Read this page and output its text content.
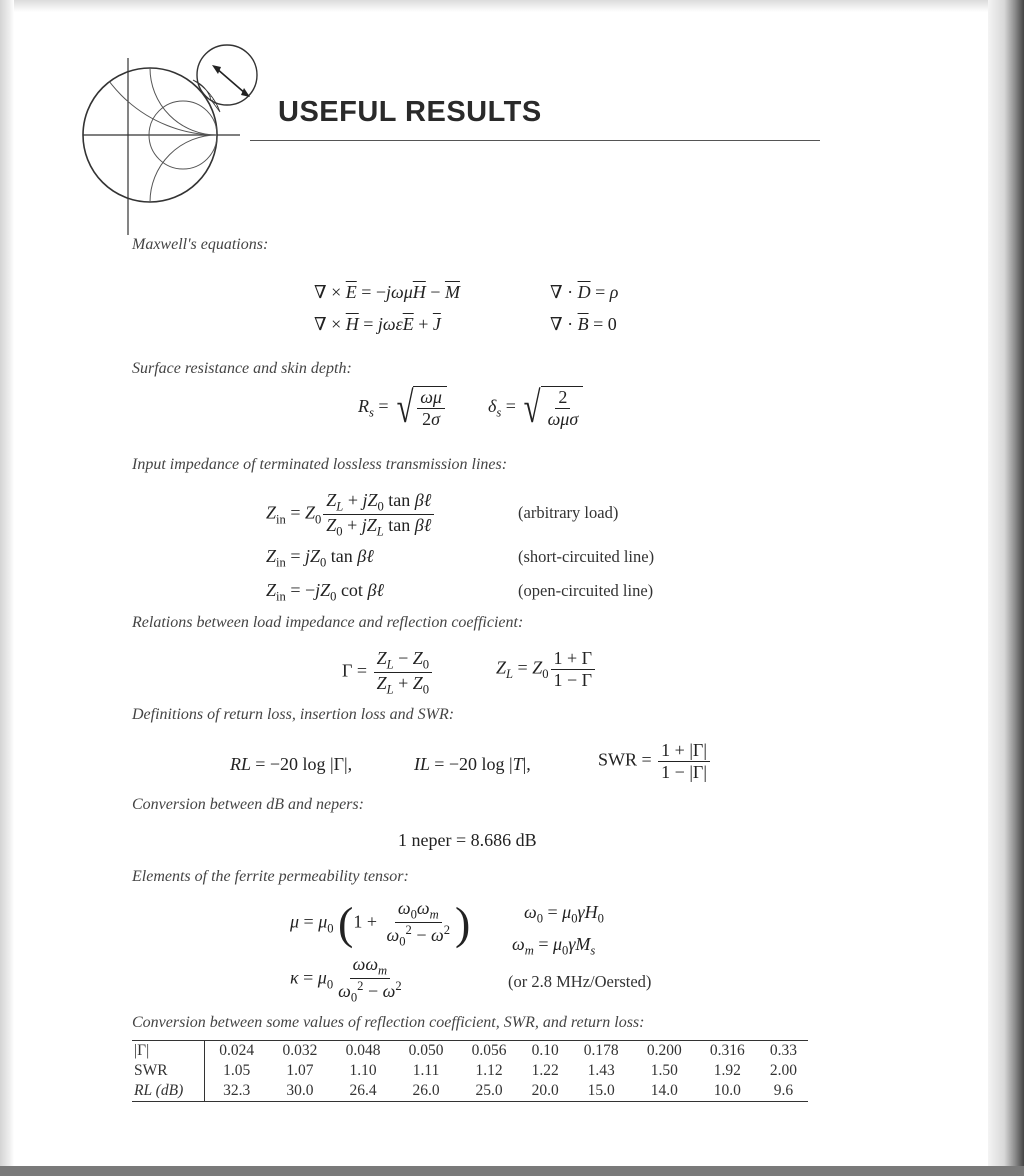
USEFUL RESULTS

Maxwell's equations:

∇ × $\overline{E} = -j\omega\mu\overline{H} - \overline{M}$	∇ · $\overline{D} = \rho$
∇ × $\overline{H} = j\omega\varepsilon\overline{E} + \overline{J}$	∇ · $\overline{B} = 0$

Surface resistance and skin depth:

$R_s$ = √ $\frac{\omega\mu}{2\sigma} \delta_s$ = √ $\frac{2}{\text{ωμσ}}$

Input impedance of terminated lossless transmission lines:

$Z_{in} = Z_0 \frac{Z_L + jZ_0 \tan \beta\ell}{Z_0 + jZ_L \tan \beta\ell}$	(arbitrary load)
$Z_{in} = jZ_0$ tan βℓ	(short-circuited line)
$Z_{in} = -jZ_0$ cot βℓ	(open-circuited line)

Relations between load impedance and reflection coefficient:

$\Gamma = \frac{Z_L - Z_0}{Z_L + Z_0}$	$Z_L = Z_0 \frac{1 + \Gamma}{1 - \Gamma}$

Definitions of return loss, insertion loss and SWR:

RL = −20 log |Γ|,	IL = −20 log |T|,	SWR = $\frac{1 + |\Gamma|}{1 - |\Gamma|}$

Conversion between dB and nepers:

1 neper = 8.686 dB

Elements of the ferrite permeability tensor:

$\mu = \mu_0$ ($1 + \frac{\omega_0\omega_m}{\omega_0^2 - \omega^2}$ )	$\omega_0 = \mu_0\gamma H_0$
$\omega_m = \mu_0\gamma M_s$
$\kappa = \mu_0 \frac{\omega\omega_m}{\omega_0^2 - \omega^2}$	(or 2.8 MHz/Oersted)

Conversion between some values of reflection coefficient, SWR, and return loss:

|Γ|	0.024	0.032	0.048	0.050	0.056	0.10	0.178	0.200	0.316	0.33
SWR	1.05	1.07	1.10	1.11	1.12	1.22	1.43	1.50	1.92	2.00
RL (dB)	32.3	30.0	26.4	26.0	25.0	20.0	15.0	14.0	10.0	9.6
